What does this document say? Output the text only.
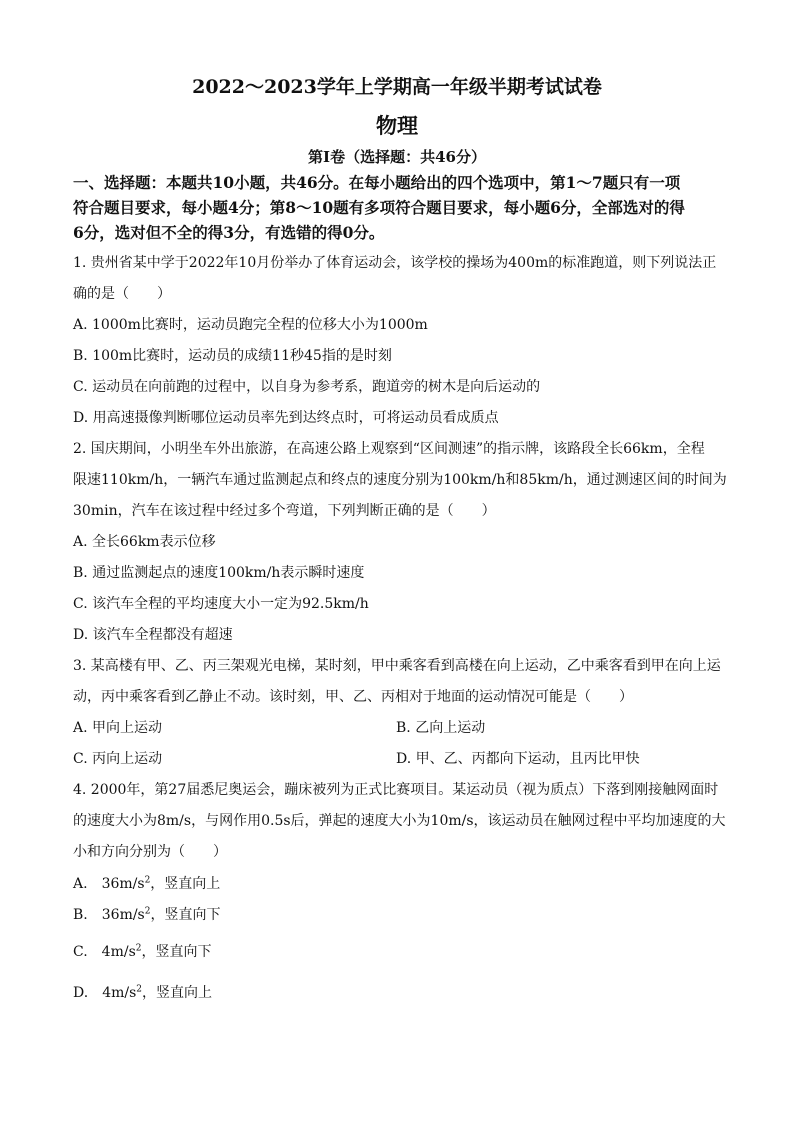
2022～2023学年上学期高一年级半期考试试卷
物理
第Ⅰ卷（选择题：共46分）
一、选择题：本题共10小题，共46分。在每小题给出的四个选项中，第1～7题只有一项
符合题目要求，每小题4分；第8～10题有多项符合题目要求，每小题6分，全部选对的得
6分，选对但不全的得3分，有选错的得0分。
1. 贵州省某中学于2022年10月份举办了体育运动会，该学校的操场为400m的标准跑道，则下列说法正
确的是（　　）
A. 1000m比赛时，运动员跑完全程的位移大小为1000m
B. 100m比赛时，运动员的成绩11秒45指的是时刻
C. 运动员在向前跑的过程中，以自身为参考系，跑道旁的树木是向后运动的
D. 用高速摄像判断哪位运动员率先到达终点时，可将运动员看成质点
2. 国庆期间，小明坐车外出旅游，在高速公路上观察到“区间测速”的指示牌，该路段全长66km，全程
限速110km/h，一辆汽车通过监测起点和终点的速度分别为100km/h和85km/h，通过测速区间的时间为
30min，汽车在该过程中经过多个弯道，下列判断正确的是（　　）
A. 全长66km表示位移
B. 通过监测起点的速度100km/h表示瞬时速度
C. 该汽车全程的平均速度大小一定为92.5km/h
D. 该汽车全程都没有超速
3. 某高楼有甲、乙、丙三架观光电梯，某时刻，甲中乘客看到高楼在向上运动，乙中乘客看到甲在向上运
动，丙中乘客看到乙静止不动。该时刻，甲、乙、丙相对于地面的运动情况可能是（　　）
A. 甲向上运动	B. 乙向上运动
C. 丙向上运动	D. 甲、乙、丙都向下运动，且丙比甲快
4. 2000年，第27届悉尼奥运会，蹦床被列为正式比赛项目。某运动员（视为质点）下落到刚接触网面时
的速度大小为8m/s，与网作用0.5s后，弹起的速度大小为10m/s，该运动员在触网过程中平均加速度的大
小和方向分别为（　　）
A.  $36m/s^2$，竖直向上
B.  $36m/s^2$，竖直向下
C.  $4m/s^2$，竖直向下
D.  $4m/s^2$，竖直向上
